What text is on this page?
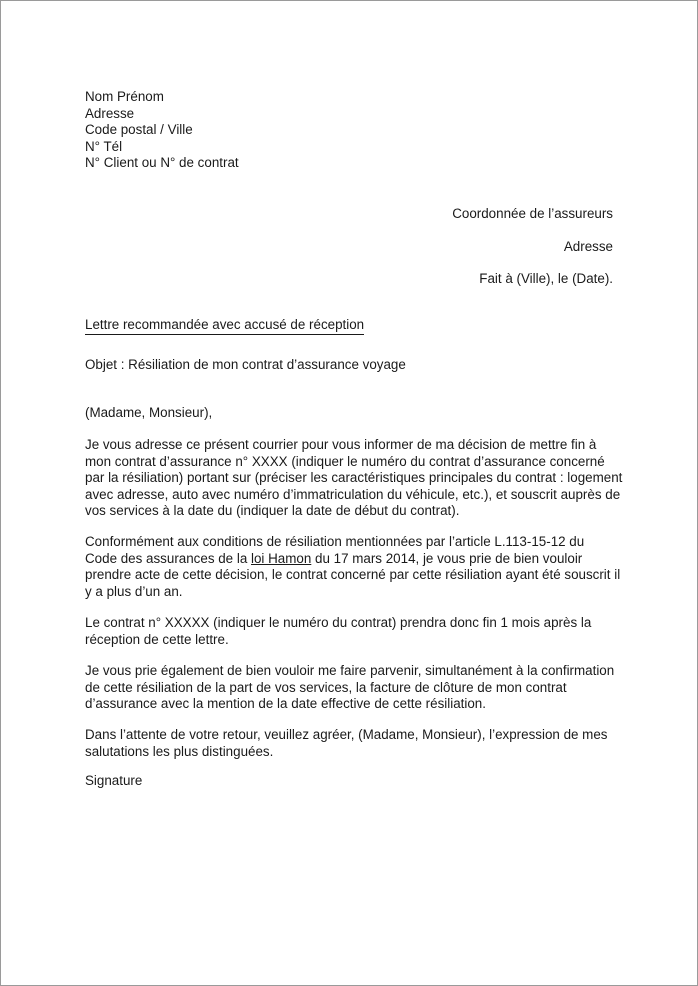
Nom Prénom
Adresse
Code postal / Ville
N° Tél
N° Client ou N° de contrat
Coordonnée de l’assureurs
Adresse
Fait à (Ville), le (Date).
Lettre recommandée avec accusé de réception
Objet : Résiliation de mon contrat d’assurance voyage
(Madame, Monsieur),
Je vous adresse ce présent courrier pour vous informer de ma décision de mettre fin à
mon contrat d’assurance n° XXXX (indiquer le numéro du contrat d’assurance concerné
par la résiliation) portant sur (préciser les caractéristiques principales du contrat : logement
avec adresse, auto avec numéro d’immatriculation du véhicule, etc.), et souscrit auprès de
vos services à la date du (indiquer la date de début du contrat).
Conformément aux conditions de résiliation mentionnées par l’article L.113-15-12 du
Code des assurances de la loi Hamon du 17 mars 2014, je vous prie de bien vouloir
prendre acte de cette décision, le contrat concerné par cette résiliation ayant été souscrit il
y a plus d’un an.
Le contrat n° XXXXX (indiquer le numéro du contrat) prendra donc fin 1 mois après la
réception de cette lettre.
Je vous prie également de bien vouloir me faire parvenir, simultanément à la confirmation
de cette résiliation de la part de vos services, la facture de clôture de mon contrat
d’assurance avec la mention de la date effective de cette résiliation.
Dans l’attente de votre retour, veuillez agréer, (Madame, Monsieur), l’expression de mes
salutations les plus distinguées.
Signature
